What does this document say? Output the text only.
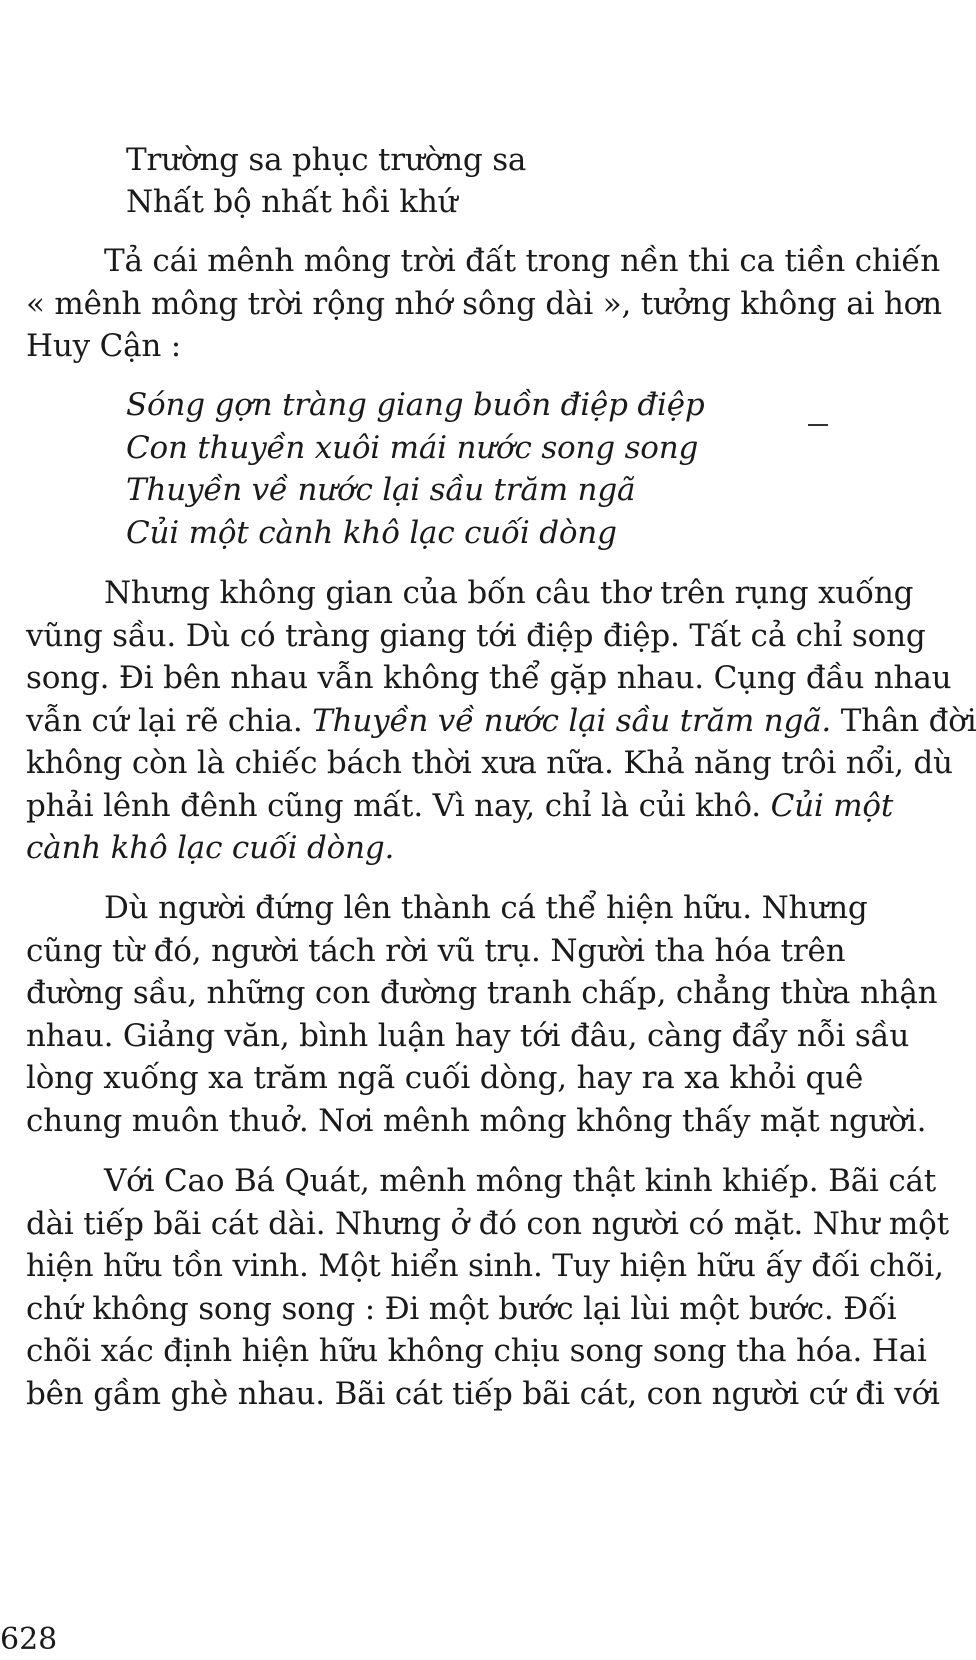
Trường sa phục trường sa
Nhất bộ nhất hồi khứ
Tả cái mênh mông trời đất trong nền thi ca tiền chiến
« mênh mông trời rộng nhớ sông dài », tưởng không ai hơn
Huy Cận :
Sóng gợn tràng giang buồn điệp điệp
Con thuyền xuôi mái nước song song
Thuyền về nước lại sầu trăm ngã
Củi một cành khô lạc cuối dòng
Nhưng không gian của bốn câu thơ trên rụng xuống
vũng sầu. Dù có tràng giang tới điệp điệp. Tất cả chỉ song
song. Đi bên nhau vẫn không thể gặp nhau. Cụng đầu nhau
vẫn cứ lại rẽ chia. Thuyền về nước lại sầu trăm ngã. Thân đời
không còn là chiếc bách thời xưa nữa. Khả năng trôi nổi, dù
phải lênh đênh cũng mất. Vì nay, chỉ là củi khô. Củi một
cành khô lạc cuối dòng.
Dù người đứng lên thành cá thể hiện hữu. Nhưng
cũng từ đó, người tách rời vũ trụ. Người tha hóa trên
đường sầu, những con đường tranh chấp, chẳng thừa nhận
nhau. Giảng văn, bình luận hay tới đâu, càng đẩy nỗi sầu
lòng xuống xa trăm ngã cuối dòng, hay ra xa khỏi quê
chung muôn thuở. Nơi mênh mông không thấy mặt người.
Với Cao Bá Quát, mênh mông thật kinh khiếp. Bãi cát
dài tiếp bãi cát dài. Nhưng ở đó con người có mặt. Như một
hiện hữu tồn vinh. Một hiển sinh. Tuy hiện hữu ấy đối chõi,
chứ không song song : Đi một bước lại lùi một bước. Đối
chõi xác định hiện hữu không chịu song song tha hóa. Hai
bên gầm ghè nhau. Bãi cát tiếp bãi cát, con người cứ đi với
628
